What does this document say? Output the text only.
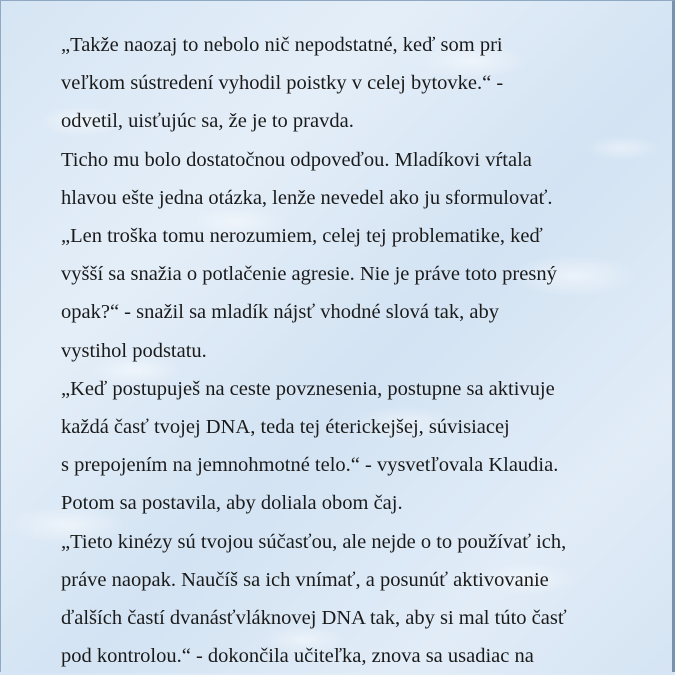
„Takže naozaj to nebolo nič nepodstatné, keď som pri
veľkom sústredení vyhodil poistky v celej bytovke.“ -
odvetil, uisťujúc sa, že je to pravda.
Ticho mu bolo dostatočnou odpoveďou. Mladíkovi vŕtala
hlavou ešte jedna otázka, lenže nevedel ako ju sformulovať.
„Len troška tomu nerozumiem, celej tej problematike, keď
vyšší sa snažia o potlačenie agresie. Nie je práve toto presný
opak?“ - snažil sa mladík nájsť vhodné slová tak, aby
vystihol podstatu.
„Keď postupuješ na ceste povznesenia, postupne sa aktivuje
každá časť tvojej DNA, teda tej éterickejšej, súvisiacej
s prepojením na jemnohmotné telo.“ - vysvetľovala Klaudia.
Potom sa postavila, aby doliala obom čaj.
„Tieto kinézy sú tvojou súčasťou, ale nejde o to používať ich,
práve naopak. Naučíš sa ich vnímať, a posunúť aktivovanie
ďalších častí dvanásťvláknovej DNA tak, aby si mal túto časť
pod kontrolou.“ - dokončila učiteľka, znova sa usadiac na
